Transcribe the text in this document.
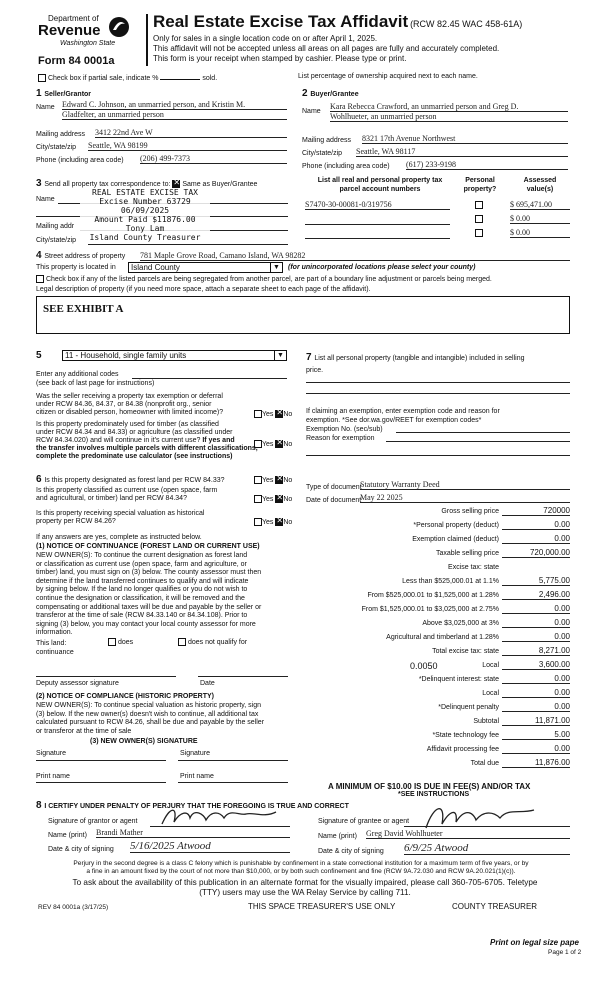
Department of
Revenue
Washington State
Form 84 0001a
Real Estate Excise Tax Affidavit (RCW 82.45 WAC 458-61A)
Only for sales in a single location code on or after April 1, 2025.
This affidavit will not be accepted unless all areas on all pages are fully and accurately completed.
This form is your receipt when stamped by cashier. Please type or print.
Check box if partial sale, indicate %	sold.	List percentage of ownership acquired next to each name.
1 Seller/Grantor
Name Edward C. Johnson, an unmarried person, and Kristin M.
Gladfelter, an unmarried person
Mailing address 3412 22nd Ave W
City/state/zip Seattle, WA 98199
Phone (including area code) (206) 499-7373
2 Buyer/Grantee
Name
Kara Rebecca Crawford, an unmarried person and Greg D.
Wohlhueter, an unmarried person
Mailing address 8321 17th Avenue Northwest
City/state/zip Seattle, WA 98117
Phone (including area code) (617) 233-9198
3 Send all property tax correspondence to: ✕ Same as Buyer/Grantee
Name
Mailing addr
City/state/zip
REAL ESTATE EXCISE TAX
Excise Number 63729
06/09/2025
Amount Paid $11876.00
Tony Lam
Island County Treasurer
List all real and personal property tax
parcel account numbers
Personal
property?
Assessed
value(s)
S7470-30-00081-0/319756	$ 695,471.00
$ 0.00
$ 0.00
4 Street address of property 781 Maple Grove Road, Camano Island, WA 98282
This property is located in	Island County	▼ (for unincorporated locations please select your county)
Check box if any of the listed parcels are being segregated from another parcel, are part of a boundary line adjustment or parcels being merged.
Legal description of property (if you need more space, attach a separate sheet to each page of the affidavit).
SEE EXHIBIT A
5	11 - Household, single family units	▼
Enter any additional codes
(see back of last page for instructions)
Was the seller receiving a property tax exemption or deferral
under RCW 84.36, 84.37, or 84.38 (nonprofit org., senior
citizen or disabled person, homeowner with limited income)?	Yes ✕ No
Is this property predominately used for timber (as classified
under RCW 84.34 and 84.33) or agriculture (as classified under
RCW 84.34.020) and will continue in it's current use? If yes and
the transfer involves multiple parcels with different classifications,
complete the predominate use calculator (see instructions)
Yes ✕ No
7 List all personal property (tangible and intangible) included in selling
price.
If claiming an exemption, enter exemption code and reason for
exemption. *See dor.wa.gov/REET for exemption codes*
Exemption No. (sec/sub)
Reason for exemption
Type of document
Statutory Warranty Deed
Date of document
May 22 2025
Gross selling price	720000
*Personal property (deduct)	0.00
Exemption claimed (deduct)	0.00
Taxable selling price	720,000.00
Excise tax: state
Less than $525,000.01 at 1.1%	5,775.00
From $525,000.01 to $1,525,000 at 1.28%	2,496.00
From $1,525,000.01 to $3,025,000 at 2.75%	0.00
Above $3,025,000 at 3%	0.00
Agricultural and timberland at 1.28%	0.00
Total excise tax: state	8,271.00
0.0050	Local	3,600.00
*Delinquent interest: state	0.00
Local	0.00
*Delinquent penalty	0.00
Subtotal	11,871.00
*State technology fee	5.00
Affidavit processing fee	0.00
Total due	11,876.00
A MINIMUM OF $10.00 IS DUE IN FEE(S) AND/OR TAX
*SEE INSTRUCTIONS
6 Is this property designated as forest land per RCW 84.33?	Yes ✕ No
Is this property classified as current use (open space, farm
and agricultural, or timber) land per RCW 84.34?	Yes ✕ No
Is this property receiving special valuation as historical
property per RCW 84.26?	Yes ✕ No
If any answers are yes, complete as instructed below.
(1) NOTICE OF CONTINUANCE (FOREST LAND OR CURRENT USE)
NEW OWNER(S): To continue the current designation as forest land
or classification as current use (open space, farm and agriculture, or
timber) land, you must sign on (3) below. The county assessor must then
determine if the land transferred continues to qualify and will indicate
by signing below. If the land no longer qualifies or you do not wish to
continue the designation or classification, it will be removed and the
compensating or additional taxes will be due and payable by the seller or
transferor at the time of sale (RCW 84.33.140 or 84.34.108). Prior to
signing (3) below, you may contact your local county assessor for more
information.
This land:	does	does not qualify for
continuance
Deputy assessor signature	Date
(2) NOTICE OF COMPLIANCE (HISTORIC PROPERTY)
NEW OWNER(S): To continue special valuation as historic property, sign
(3) below. If the new owner(s) doesn't wish to continue, all additional tax
calculated pursuant to RCW 84.26, shall be due and payable by the seller
or transferor at the time of sale
(3) NEW OWNER(S) SIGNATURE
Signature	Signature
Print name	Print name
8 I CERTIFY UNDER PENALTY OF PERJURY THAT THE FOREGOING IS TRUE AND CORRECT
Signature of grantor or agent
Name (print) Brandi Mather
Date & city of signing 5/16/2025 Atwood
Signature of grantee or agent
Name (print) Greg David Wohlhueter
Date & city of signing 6/9/25 Atwood
Perjury in the second degree is a class C felony which is punishable by confinement in a state correctional institution for a maximum term of five years, or by
a fine in an amount fixed by the court of not more than $10,000, or by both such confinement and fine (RCW 9A.72.030 and RCW 9A.20.021(1)(c)).
To ask about the availability of this publication in an alternate format for the visually impaired, please call 360-705-6705. Teletype
(TTY) users may use the WA Relay Service by calling 711.
REV 84 0001a (3/17/25)	THIS SPACE TREASURER'S USE ONLY	COUNTY TREASURER
Print on legal size pape
Page 1 of 2
